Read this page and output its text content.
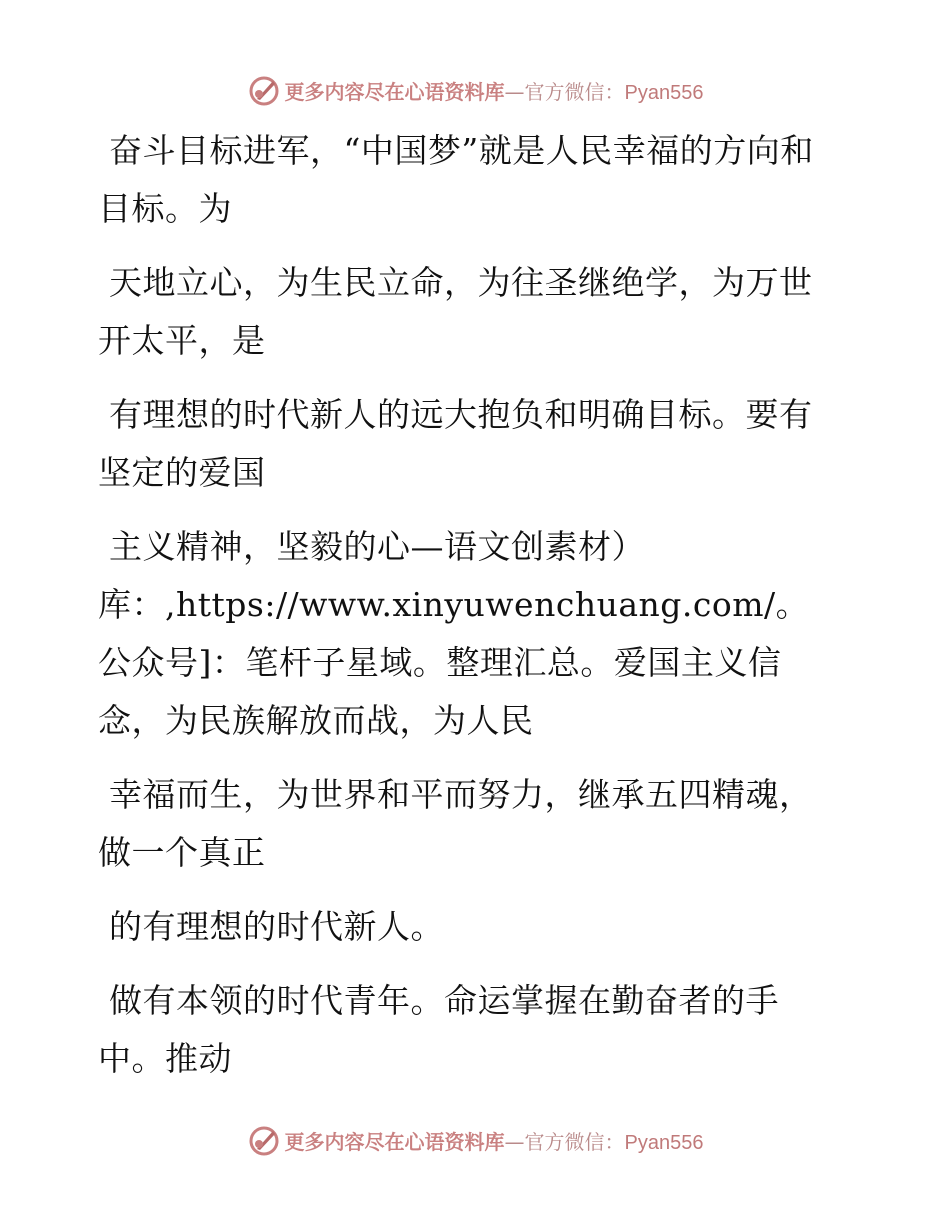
更多内容尽在心语资料库—官方微信：Pyan556

奋斗目标进军，“中国梦”就是人民幸福的方向和目标。为

天地立心，为生民立命，为往圣继绝学，为万世开太平，是

有理想的时代新人的远大抱负和明确目标。要有坚定的爱国

主义精神，坚毅的心—语文创素材）
库：,https://www.xinyuwenchuang.com/。公众号]：笔杆子星域。整理汇总。爱国主义信念，为民族解放而战，为人民

幸福而生，为世界和平而努力，继承五四精魂，做一个真正

的有理想的时代新人。

做有本领的时代青年。命运掌握在勤奋者的手中。推动

更多内容尽在心语资料库—官方微信：Pyan556
